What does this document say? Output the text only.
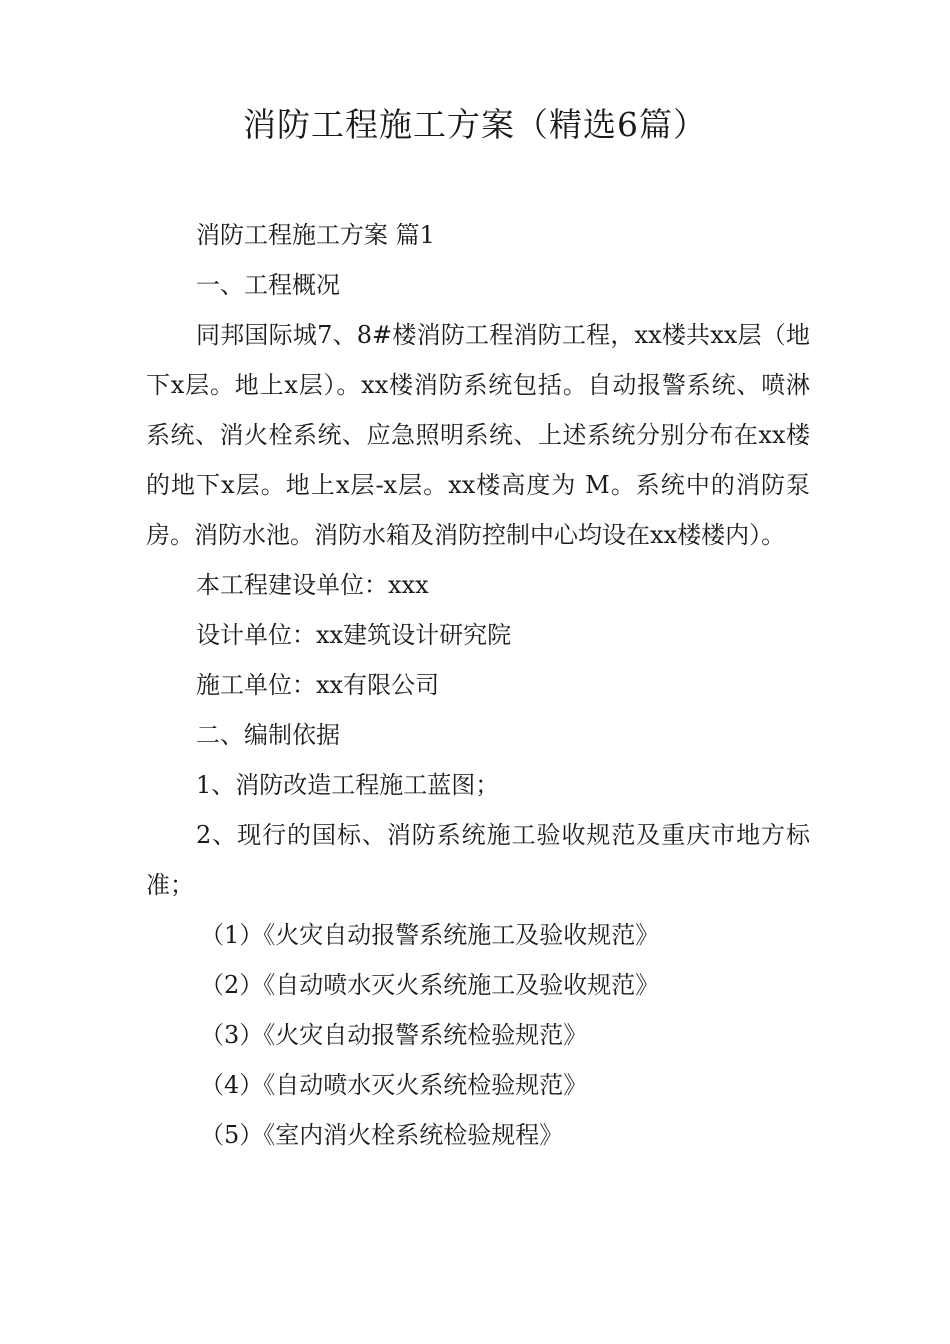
消防工程施工方案（精选6篇）

消防工程施工方案 篇1

一、工程概况

同邦国际城7、8#楼消防工程消防工程，xx楼共xx层（地下x层。地上x层）。xx楼消防系统包括。自动报警系统、喷淋系统、消火栓系统、应急照明系统、上述系统分别分布在xx楼的地下x层。地上x层-x层。xx楼高度为 M。系统中的消防泵房。消防水池。消防水箱及消防控制中心均设在xx楼楼内）。

本工程建设单位：xxx

设计单位：xx建筑设计研究院

施工单位：xx有限公司

二、编制依据

1、消防改造工程施工蓝图；

2、现行的国标、消防系统施工验收规范及重庆市地方标准；

（1）《火灾自动报警系统施工及验收规范》

（2）《自动喷水灭火系统施工及验收规范》

（3）《火灾自动报警系统检验规范》

（4）《自动喷水灭火系统检验规范》

（5）《室内消火栓系统检验规程》
